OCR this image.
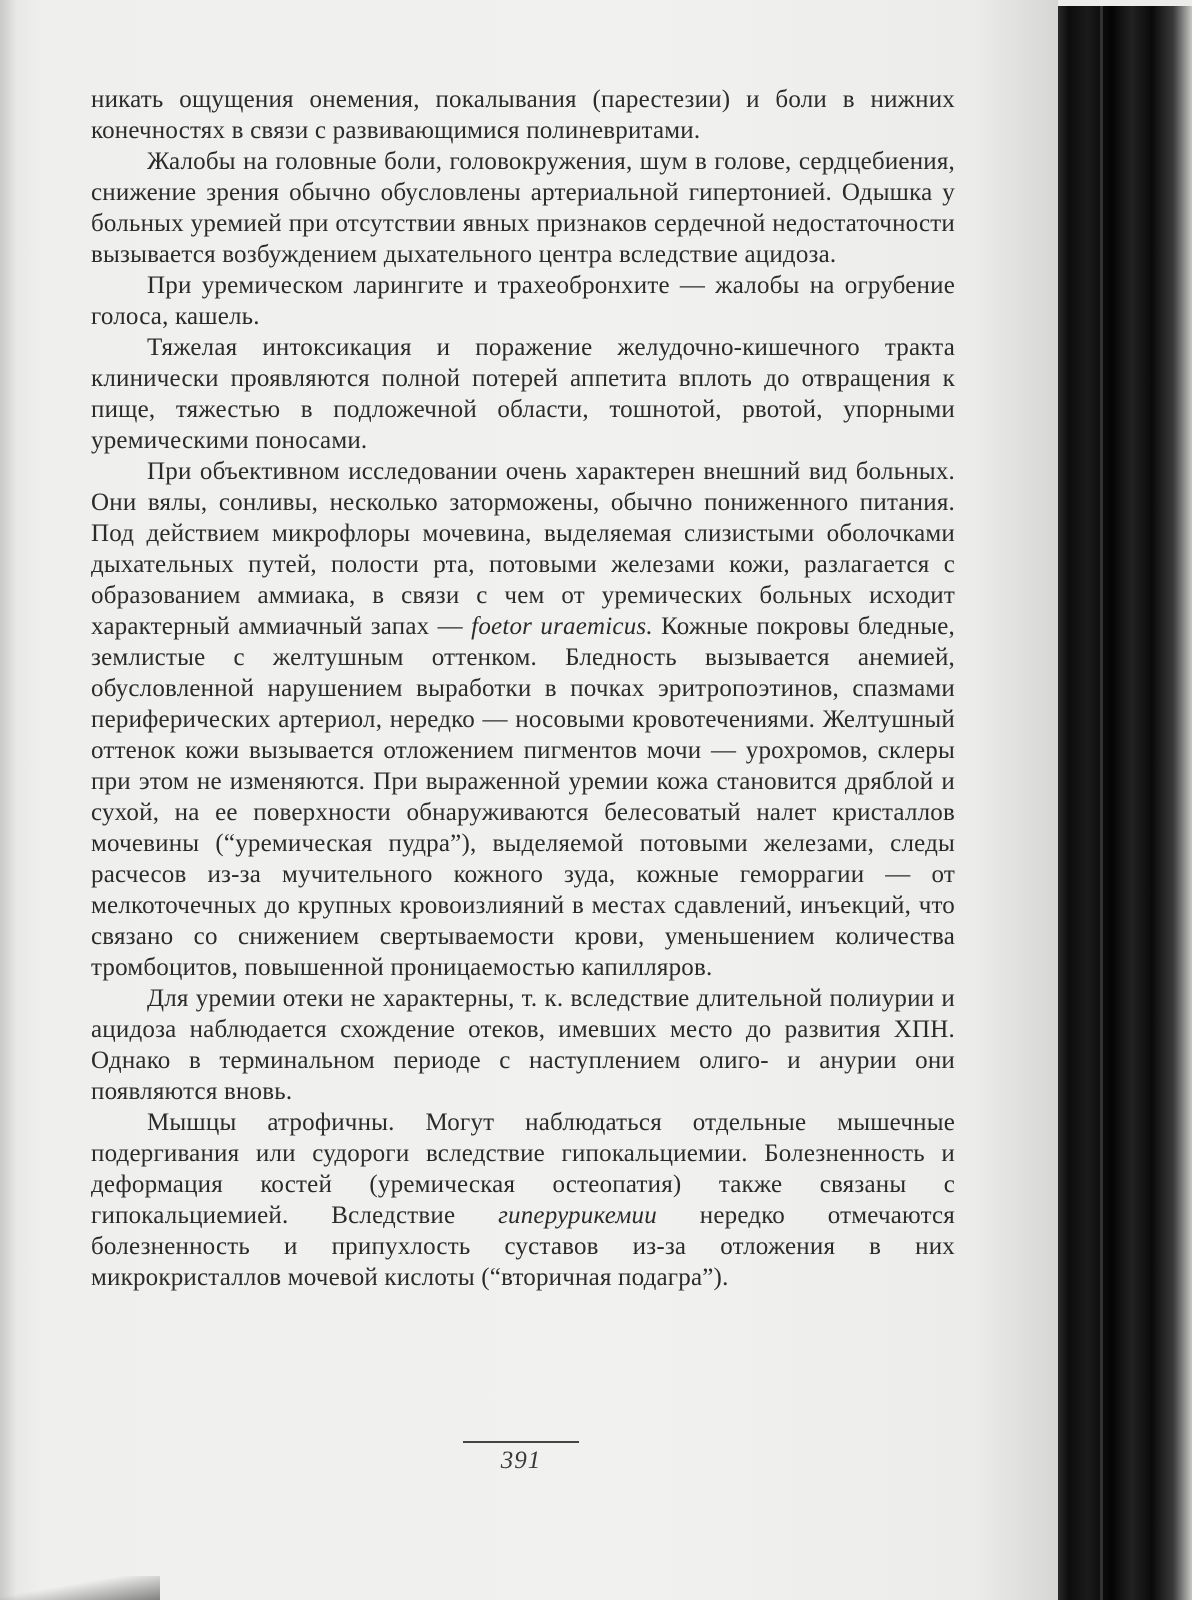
никать ощущения онемения, покалывания (парестезии) и боли в нижних конечностях в связи с развивающимися полиневритами.

Жалобы на головные боли, головокружения, шум в голове, сердцебиения, снижение зрения обычно обусловлены артериальной гипертонией. Одышка у больных уремией при отсутствии явных признаков сердечной недостаточности вызывается возбуждением дыхательного центра вследствие ацидоза.

При уремическом ларингите и трахеобронхите — жалобы на огрубение голоса, кашель.

Тяжелая интоксикация и поражение желудочно-кишечного тракта клинически проявляются полной потерей аппетита вплоть до отвращения к пище, тяжестью в подложечной области, тошнотой, рвотой, упорными уремическими поносами.

При объективном исследовании очень характерен внешний вид больных. Они вялы, сонливы, несколько заторможены, обычно пониженного питания. Под действием микрофлоры мочевина, выделяемая слизистыми оболочками дыхательных путей, полости рта, потовыми железами кожи, разлагается с образованием аммиака, в связи с чем от уремических больных исходит характерный аммиачный запах — foetor uraemicus. Кожные покровы бледные, землистые с желтушным оттенком. Бледность вызывается анемией, обусловленной нарушением выработки в почках эритропоэтинов, спазмами периферических артериол, нередко — носовыми кровотечениями. Желтушный оттенок кожи вызывается отложением пигментов мочи — урохромов, склеры при этом не изменяются. При выраженной уремии кожа становится дряблой и сухой, на ее поверхности обнаруживаются белесоватый налет кристаллов мочевины (“уремическая пудра”), выделяемой потовыми железами, следы расчесов из-за мучительного кожного зуда, кожные геморрагии — от мелкоточечных до крупных кровоизлияний в местах сдавлений, инъекций, что связано со снижением свертываемости крови, уменьшением количества тромбоцитов, повышенной проницаемостью капилляров.

Для уремии отеки не характерны, т. к. вследствие длительной полиурии и ацидоза наблюдается схождение отеков, имевших место до развития ХПН. Однако в терминальном периоде с наступлением олиго- и анурии они появляются вновь.

Мышцы атрофичны. Могут наблюдаться отдельные мышечные подергивания или судороги вследствие гипокальциемии. Болезненность и деформация костей (уремическая остеопатия) также связаны с гипокальциемией. Вследствие гиперурикемии нередко отмечаются болезненность и припухлость суставов из-за отложения в них микрокристаллов мочевой кислоты (“вторичная подагра”).

391
